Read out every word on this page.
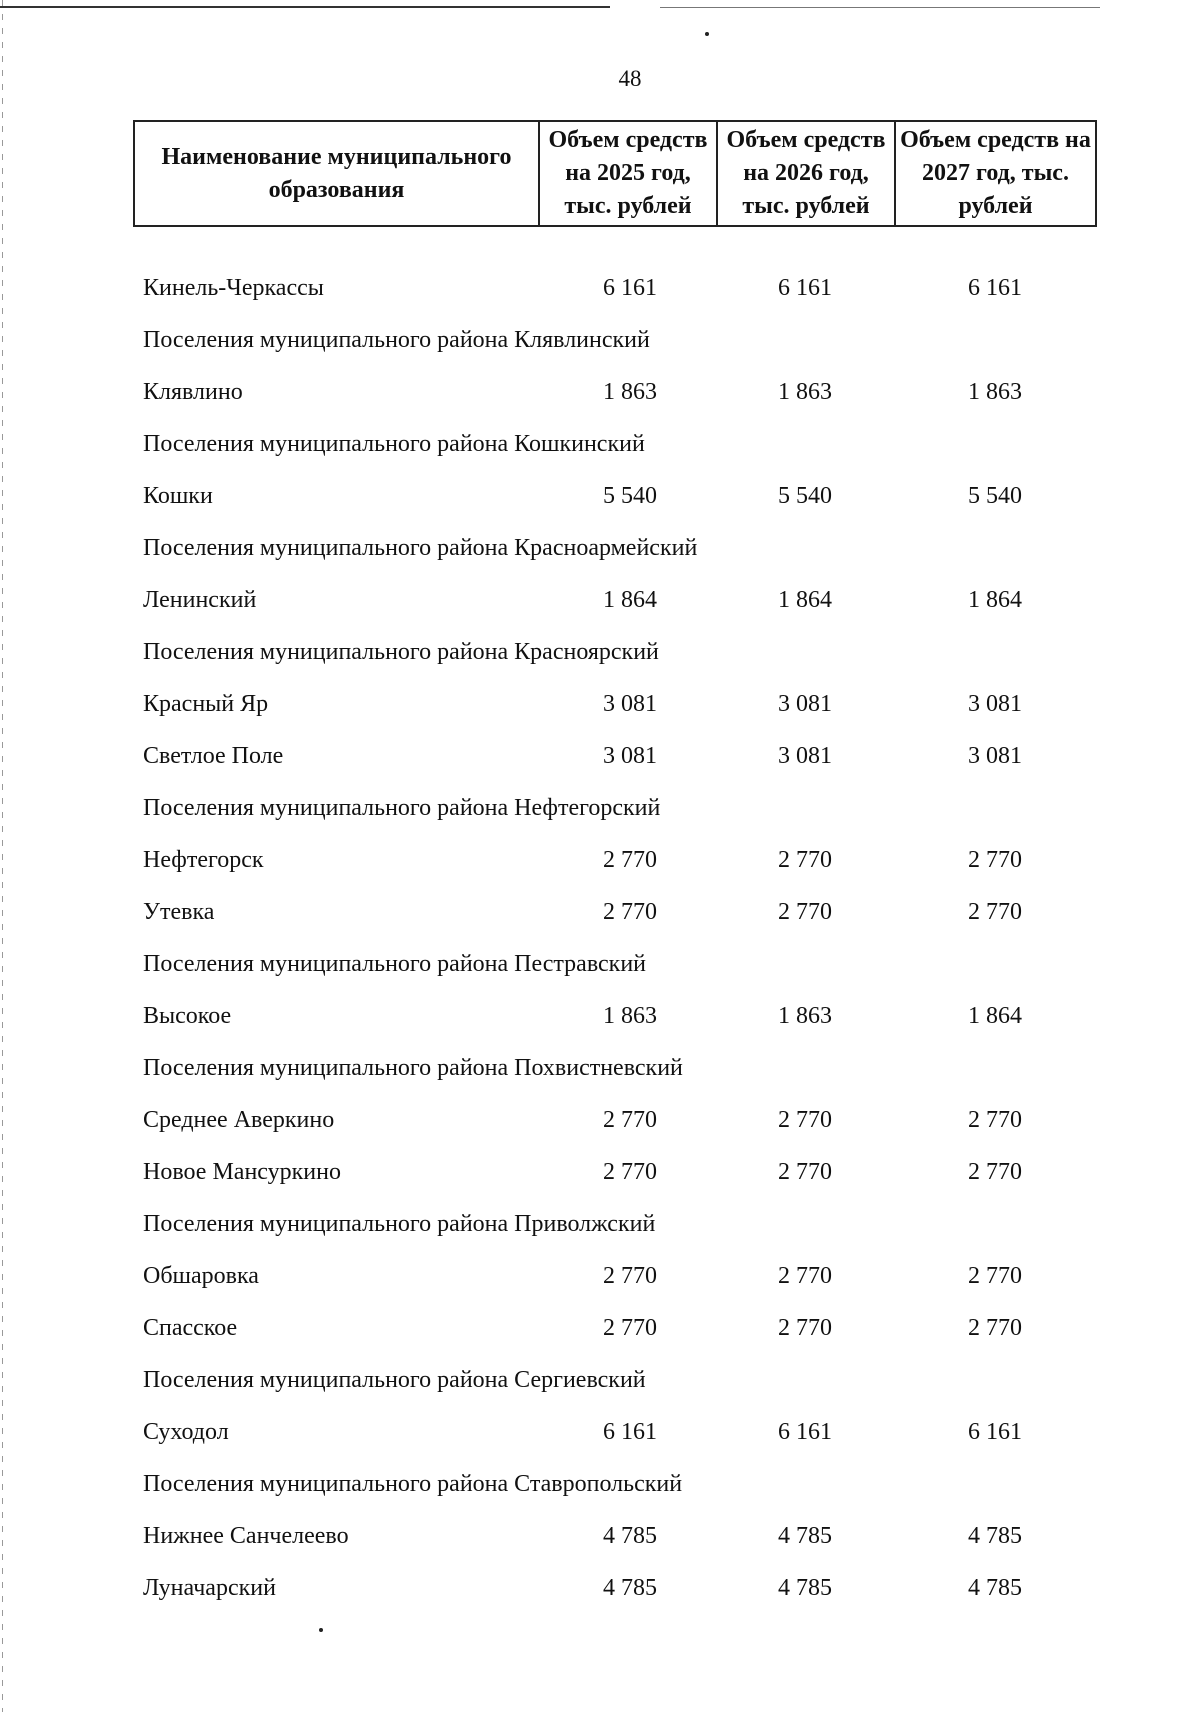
48
Наименование муниципального образования	Объем средств на 2025 год, тыс. рублей	Объем средств на 2026 год, тыс. рублей	Объем средств на 2027 год, тыс. рублей
Кинель-Черкассы	6 161	6 161	6 161
Поселения муниципального района Клявлинский
Клявлино	1 863	1 863	1 863
Поселения муниципального района Кошкинский
Кошки	5 540	5 540	5 540
Поселения муниципального района Красноармейский
Ленинский	1 864	1 864	1 864
Поселения муниципального района Красноярский
Красный Яр	3 081	3 081	3 081
Светлое Поле	3 081	3 081	3 081
Поселения муниципального района Нефтегорский
Нефтегорск	2 770	2 770	2 770
Утевка	2 770	2 770	2 770
Поселения муниципального района Пестравский
Высокое	1 863	1 863	1 864
Поселения муниципального района Похвистневский
Среднее Аверкино	2 770	2 770	2 770
Новое Мансуркино	2 770	2 770	2 770
Поселения муниципального района Приволжский
Обшаровка	2 770	2 770	2 770
Спасское	2 770	2 770	2 770
Поселения муниципального района Сергиевский
Суходол	6 161	6 161	6 161
Поселения муниципального района Ставропольский
Нижнее Санчелеево	4 785	4 785	4 785
Луначарский	4 785	4 785	4 785
